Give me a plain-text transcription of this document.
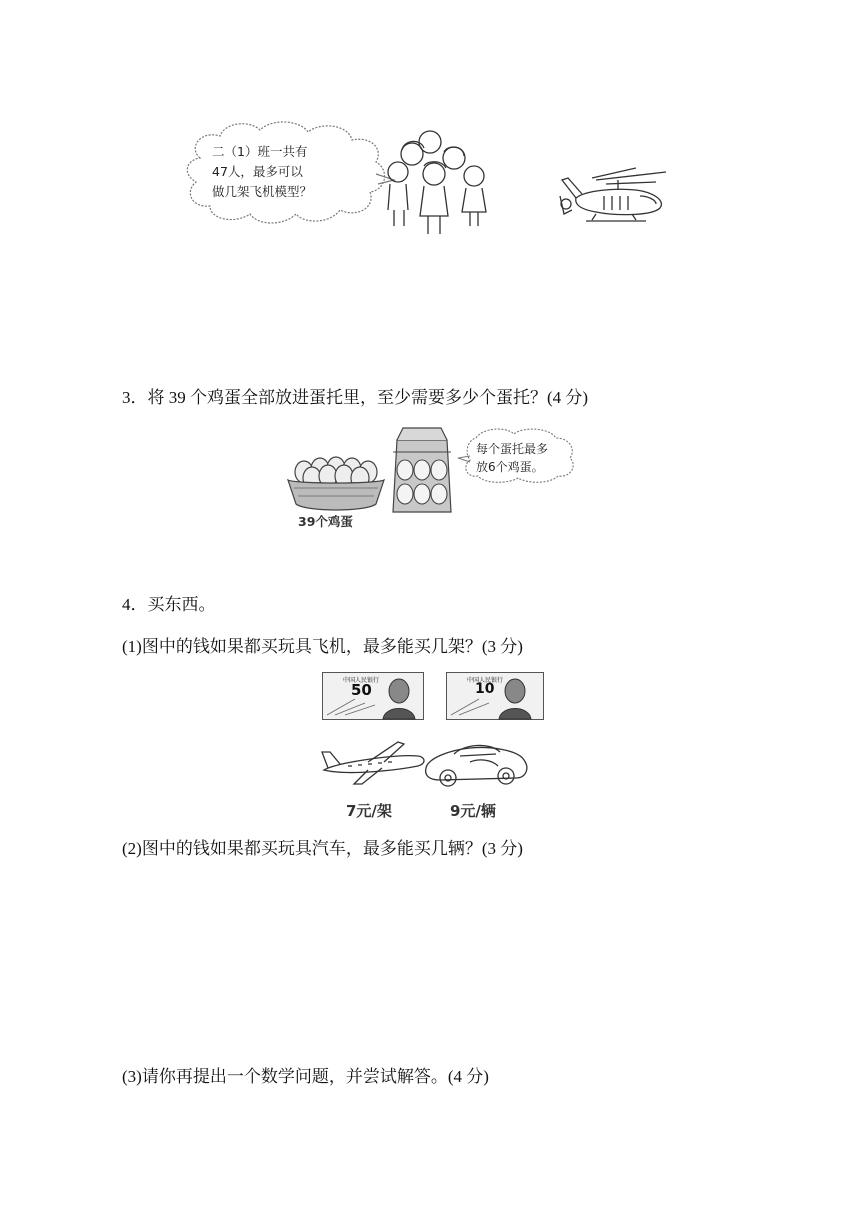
二（1）班一共有
47人，最多可以
做几架飞机模型？
3．将 39 个鸡蛋全部放进蛋托里，至少需要多少个蛋托？(4 分)
39个鸡蛋
每个蛋托最多
放6个鸡蛋。
4．买东西。
(1)图中的钱如果都买玩具飞机，最多能买几架？(3 分)
中国人民银行
50
中国人民银行
10
7元/架	9元/辆
(2)图中的钱如果都买玩具汽车，最多能买几辆？(3 分)
(3)请你再提出一个数学问题，并尝试解答。(4 分)
